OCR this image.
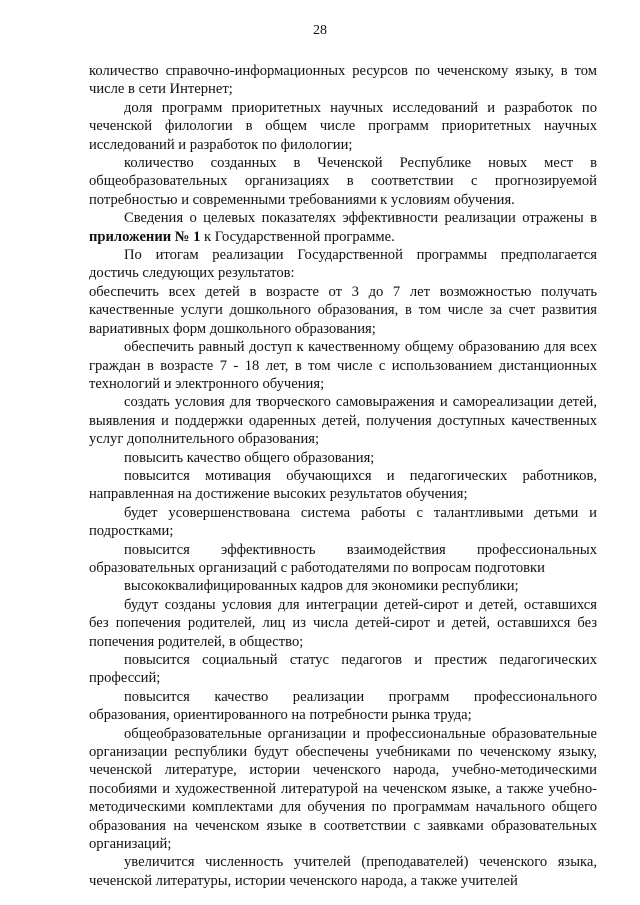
28

количество справочно-информационных ресурсов по чеченскому языку, в том числе в сети Интернет;

доля программ приоритетных научных исследований и разработок по чеченской филологии в общем числе программ приоритетных научных исследований и разработок по филологии;

количество созданных в Чеченской Республике новых мест в общеобразовательных организациях в соответствии с прогнозируемой потребностью и современными требованиями к условиям обучения.

Сведения о целевых показателях эффективности реализации отражены в приложении № 1 к Государственной программе.

По итогам реализации Государственной программы предполагается достичь следующих результатов:

обеспечить всех детей в возрасте от 3 до 7 лет возможностью получать качественные услуги дошкольного образования, в том числе за счет развития вариативных форм дошкольного образования;

обеспечить равный доступ к качественному общему образованию для всех граждан в возрасте 7 - 18 лет, в том числе с использованием дистанционных технологий и электронного обучения;

создать условия для творческого самовыражения и самореализации детей, выявления и поддержки одаренных детей, получения доступных качественных услуг дополнительного образования;

повысить качество общего образования;

повысится мотивация обучающихся и педагогических работников, направленная на достижение высоких результатов обучения;

будет усовершенствована система работы с талантливыми детьми и подростками;

повысится эффективность взаимодействия профессиональных образовательных организаций с работодателями по вопросам подготовки

высококвалифицированных кадров для экономики республики;

будут созданы условия для интеграции детей-сирот и детей, оставшихся без попечения родителей, лиц из числа детей-сирот и детей, оставшихся без попечения родителей, в общество;

повысится социальный статус педагогов и престиж педагогических профессий;

повысится качество реализации программ профессионального образования, ориентированного на потребности рынка труда;

общеобразовательные организации и профессиональные образовательные организации республики будут обеспечены учебниками по чеченскому языку, чеченской литературе, истории чеченского народа, учебно-методическими пособиями и художественной литературой на чеченском языке, а также учебно-методическими комплектами для обучения по программам начального общего образования на чеченском языке в соответствии с заявками образовательных организаций;

увеличится численность учителей (преподавателей) чеченского языка, чеченской литературы, истории чеченского народа, а также учителей
